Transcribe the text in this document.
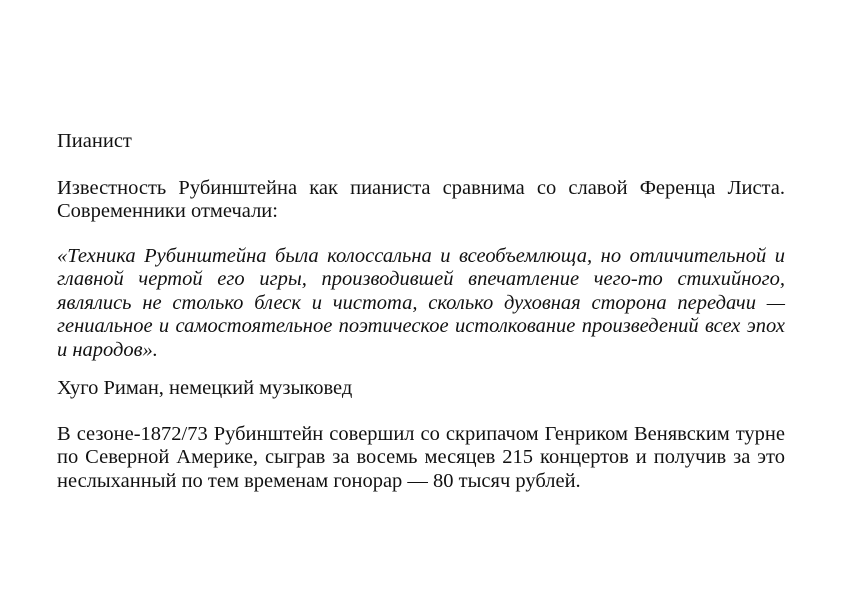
Пианист

Известность Рубинштейна как пианиста сравнима со славой Ференца Листа. Современники отмечали:

«Техника Рубинштейна была колоссальна и всеобъемлюща, но отличительной и главной чертой его игры, производившей впечатление чего-то стихийного, являлись не столько блеск и чистота, сколько духовная сторона передачи — гениальное и самостоятельное поэтическое истолкование произведений всех эпох и народов».

Хуго Риман, немецкий музыковед

В сезоне-1872/73 Рубинштейн совершил со скрипачом Генриком Венявским турне по Северной Америке, сыграв за восемь месяцев 215 концертов и получив за это неслыханный по тем временам гонорар — 80 тысяч рублей.
